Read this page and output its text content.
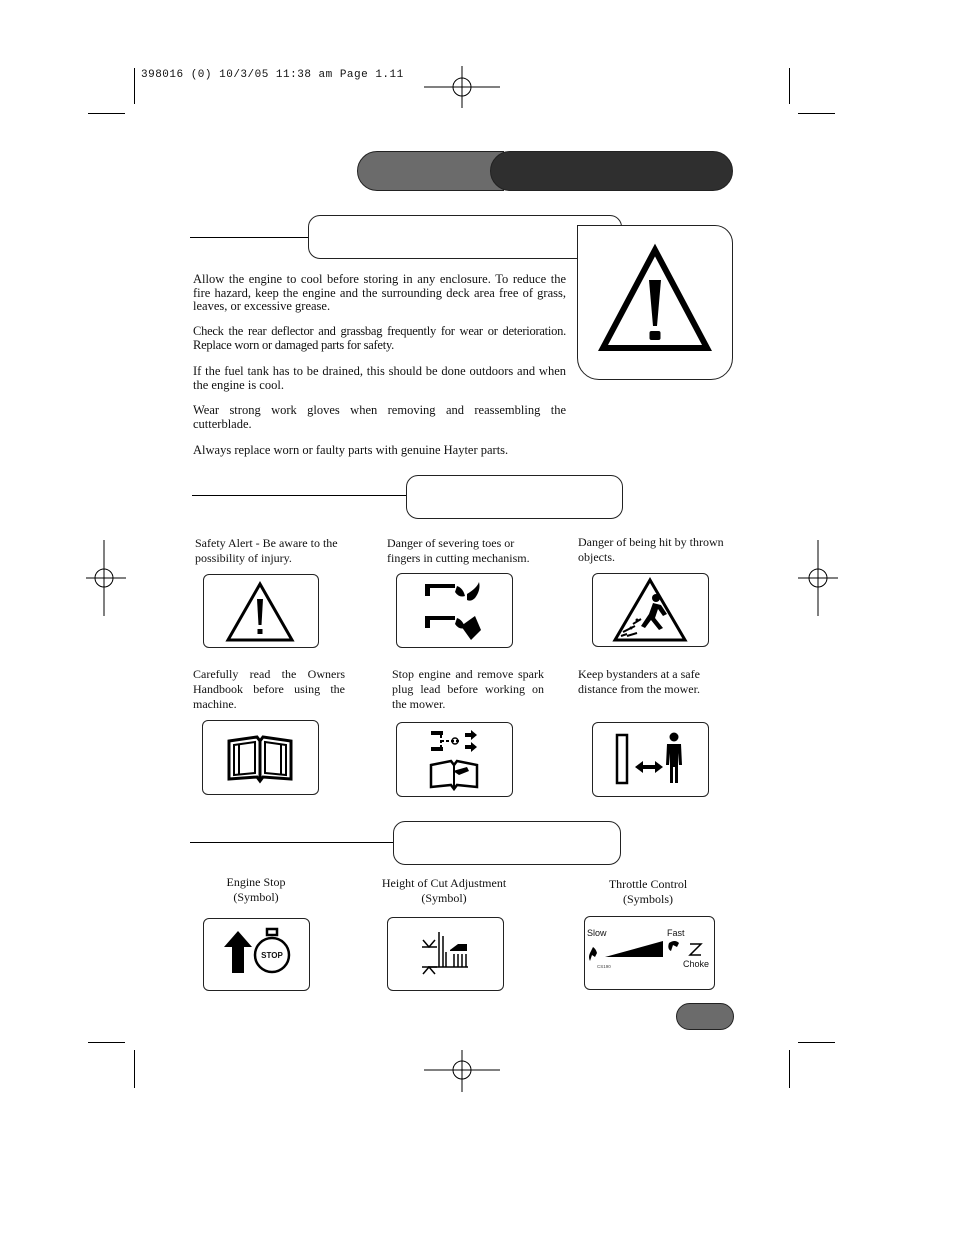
398016 (0) 10/3/05 11:38 am Page 1.11
Allow the engine to cool before storing in any enclosure. To reduce the fire hazard, keep the engine and the surrounding deck area free of grass, leaves, or excessive grease.
Check the rear deflector and grassbag frequently for wear or deterioration. Replace worn or damaged parts for safety.
If the fuel tank has to be drained, this should be done outdoors and when the engine is cool.
Wear strong work gloves when removing and reassembling the cutterblade.
Always replace worn or faulty parts with genuine Hayter parts.
Safety Alert - Be aware to the possibility of injury.
Danger of severing toes or fingers in cutting mechanism.
Danger of being hit by thrown objects.
Carefully read the Owners Handbook before using the machine.
Stop engine and remove spark plug lead before working on the mower.
Keep bystanders at a safe distance from the mower.
Engine Stop
(Symbol)
Height of Cut Adjustment
(Symbol)
Throttle Control
(Symbols)
STOP
Slow	Fast
Choke
CS190
